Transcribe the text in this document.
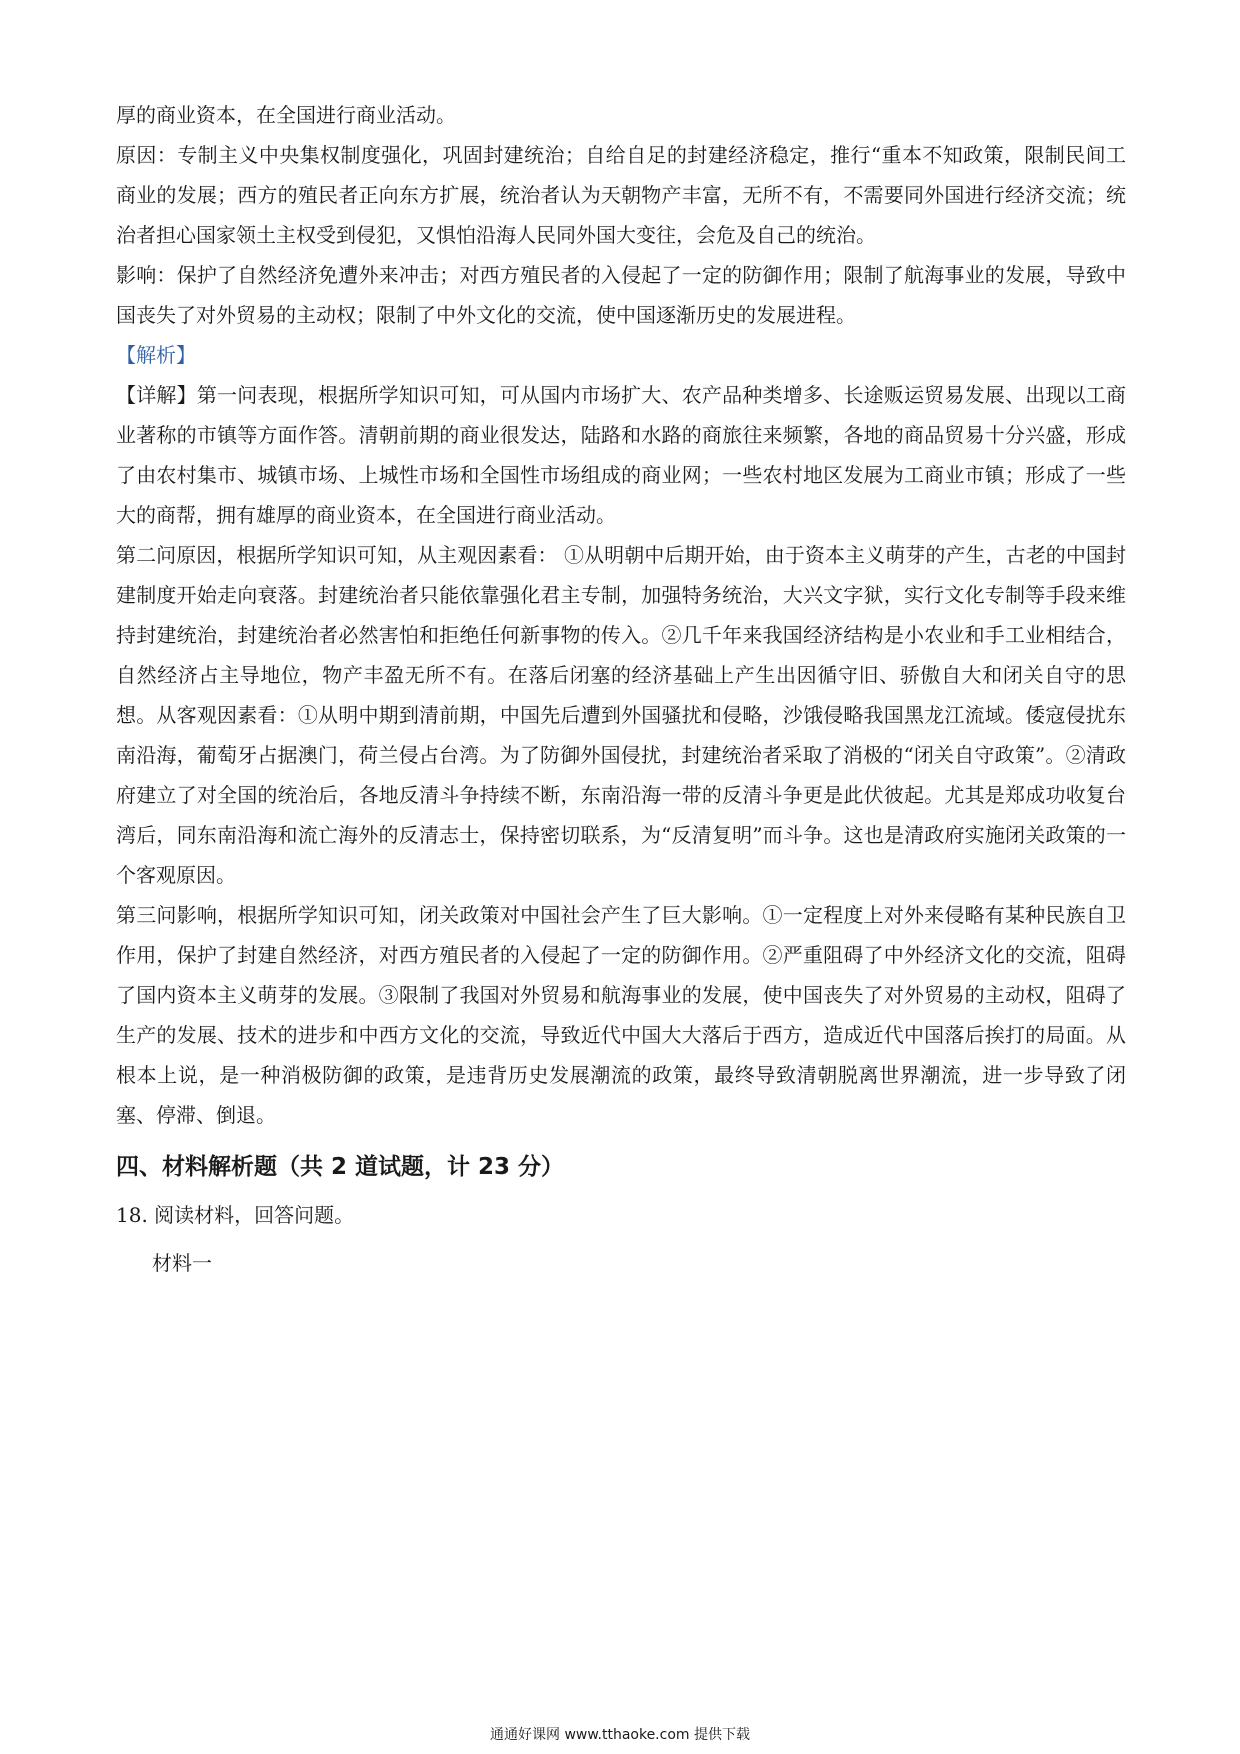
厚的商业资本，在全国进行商业活动。

原因：专制主义中央集权制度强化，巩固封建统治；自给自足的封建经济稳定，推行“重本不知政策，限制民间工商业的发展；西方的殖民者正向东方扩展，统治者认为天朝物产丰富，无所不有，不需要同外国进行经济交流；统治者担心国家领土主权受到侵犯，又惧怕沿海人民同外国大变往，会危及自己的统治。

影响：保护了自然经济免遭外来冲击；对西方殖民者的入侵起了一定的防御作用；限制了航海事业的发展，导致中国丧失了对外贸易的主动权；限制了中外文化的交流，使中国逐渐历史的发展进程。

【解析】

【详解】第一问表现，根据所学知识可知，可从国内市场扩大、农产品种类增多、长途贩运贸易发展、出现以工商业著称的市镇等方面作答。清朝前期的商业很发达，陆路和水路的商旅往来频繁，各地的商品贸易十分兴盛，形成了由农村集市、城镇市场、上城性市场和全国性市场组成的商业网；一些农村地区发展为工商业市镇；形成了一些大的商帮，拥有雄厚的商业资本，在全国进行商业活动。

第二问原因，根据所学知识可知，从主观因素看： ①从明朝中后期开始，由于资本主义萌芽的产生，古老的中国封建制度开始走向衰落。封建统治者只能依靠强化君主专制，加强特务统治，大兴文字狱，实行文化专制等手段来维持封建统治，封建统治者必然害怕和拒绝任何新事物的传入。②几千年来我国经济结构是小农业和手工业相结合，自然经济占主导地位，物产丰盈无所不有。在落后闭塞的经济基础上产生出因循守旧、骄傲自大和闭关自守的思想。从客观因素看：①从明中期到清前期，中国先后遭到外国骚扰和侵略，沙饿侵略我国黑龙江流域。倭寇侵扰东南沿海，葡萄牙占据澳门，荷兰侵占台湾。为了防御外国侵扰，封建统治者采取了消极的“闭关自守政策”。②清政府建立了对全国的统治后，各地反清斗争持续不断，东南沿海一带的反清斗争更是此伏彼起。尤其是郑成功收复台湾后，同东南沿海和流亡海外的反清志士，保持密切联系，为“反清复明”而斗争。这也是清政府实施闭关政策的一个客观原因。

第三问影响，根据所学知识可知，闭关政策对中国社会产生了巨大影响。①一定程度上对外来侵略有某种民族自卫作用，保护了封建自然经济，对西方殖民者的入侵起了一定的防御作用。②严重阻碍了中外经济文化的交流，阻碍了国内资本主义萌芽的发展。③限制了我国对外贸易和航海事业的发展，使中国丧失了对外贸易的主动权，阻碍了生产的发展、技术的进步和中西方文化的交流，导致近代中国大大落后于西方，造成近代中国落后挨打的局面。从根本上说，是一种消极防御的政策，是违背历史发展潮流的政策，最终导致清朝脱离世界潮流，进一步导致了闭塞、停滞、倒退。

四、材料解析题（共 2 道试题，计 23 分）

18. 阅读材料，回答问题。

材料一

通通好课网 www.tthaoke.com 提供下载
